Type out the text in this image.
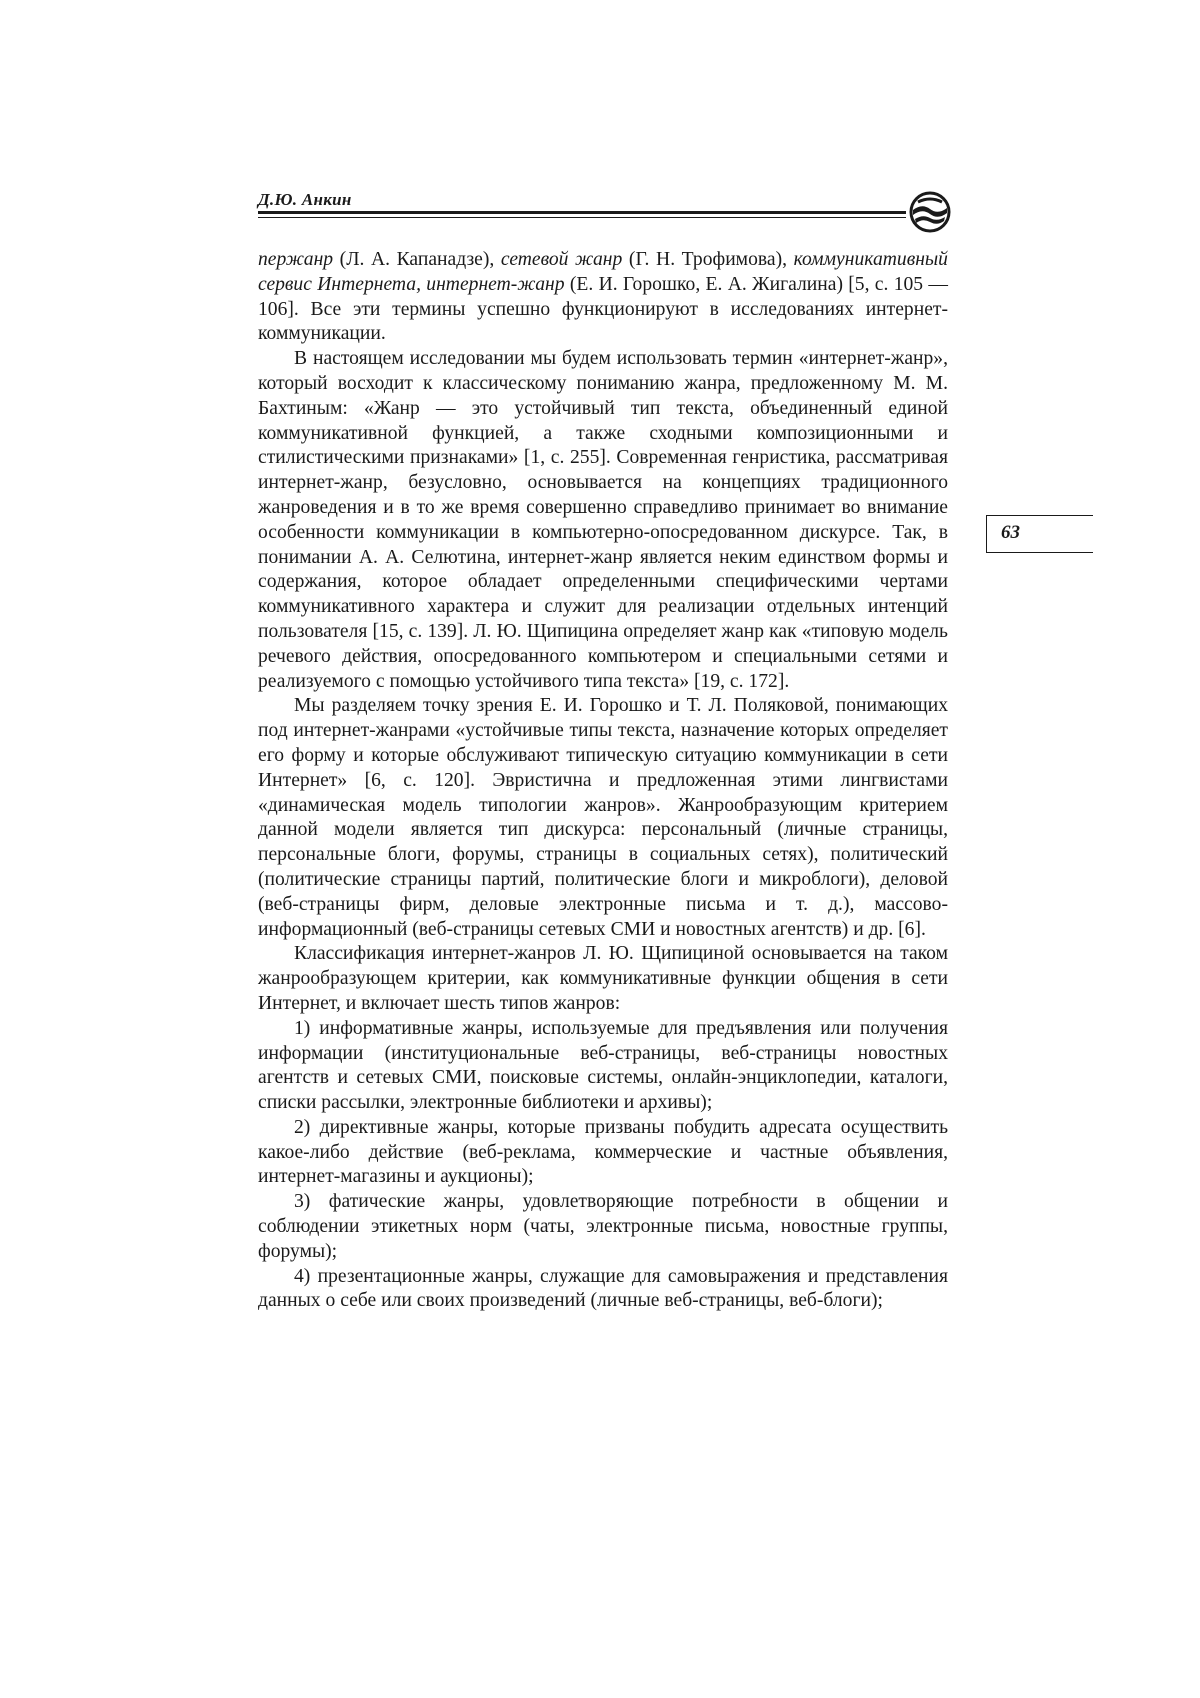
Д.Ю. Анкин
63

пержанр (Л. А. Капанадзе), сетевой жанр (Г. Н. Трофимова), коммуникативный сервис Интернета, интернет-жанр (Е. И. Горошко, Е. А. Жигалина) [5, с. 105 — 106]. Все эти термины успешно функционируют в исследованиях интернет-коммуникации.

В настоящем исследовании мы будем использовать термин «интернет-жанр», который восходит к классическому пониманию жанра, предложенному М. М. Бахтиным: «Жанр — это устойчивый тип текста, объединенный единой коммуникативной функцией, а также сходными композиционными и стилистическими признаками» [1, с. 255]. Современная генристика, рассматривая интернет-жанр, безусловно, основывается на концепциях традиционного жанроведения и в то же время совершенно справедливо принимает во внимание особенности коммуникации в компьютерно-опосредованном дискурсе. Так, в понимании А. А. Селютина, интернет-жанр является неким единством формы и содержания, которое обладает определенными специфическими чертами коммуникативного характера и служит для реализации отдельных интенций пользователя [15, с. 139]. Л. Ю. Щипицина определяет жанр как «типовую модель речевого действия, опосредованного компьютером и специальными сетями и реализуемого с помощью устойчивого типа текста» [19, с. 172].

Мы разделяем точку зрения Е. И. Горошко и Т. Л. Поляковой, понимающих под интернет-жанрами «устойчивые типы текста, назначение которых определяет его форму и которые обслуживают типическую ситуацию коммуникации в сети Интернет» [6, с. 120]. Эвристична и предложенная этими лингвистами «динамическая модель типологии жанров». Жанрообразующим критерием данной модели является тип дискурса: персональный (личные страницы, персональные блоги, форумы, страницы в социальных сетях), политический (политические страницы партий, политические блоги и микроблоги), деловой (веб-страницы фирм, деловые электронные письма и т. д.), массово-информационный (веб-страницы сетевых СМИ и новостных агентств) и др. [6].

Классификация интернет-жанров Л. Ю. Щипициной основывается на таком жанрообразующем критерии, как коммуникативные функции общения в сети Интернет, и включает шесть типов жанров:

1) информативные жанры, используемые для предъявления или получения информации (институциональные веб-страницы, веб-страницы новостных агентств и сетевых СМИ, поисковые системы, онлайн-энциклопедии, каталоги, списки рассылки, электронные библиотеки и архивы);

2) директивные жанры, которые призваны побудить адресата осуществить какое-либо действие (веб-реклама, коммерческие и частные объявления, интернет-магазины и аукционы);

3) фатические жанры, удовлетворяющие потребности в общении и соблюдении этикетных норм (чаты, электронные письма, новостные группы, форумы);

4) презентационные жанры, служащие для самовыражения и представления данных о себе или своих произведений (личные веб-страницы, веб-блоги);
